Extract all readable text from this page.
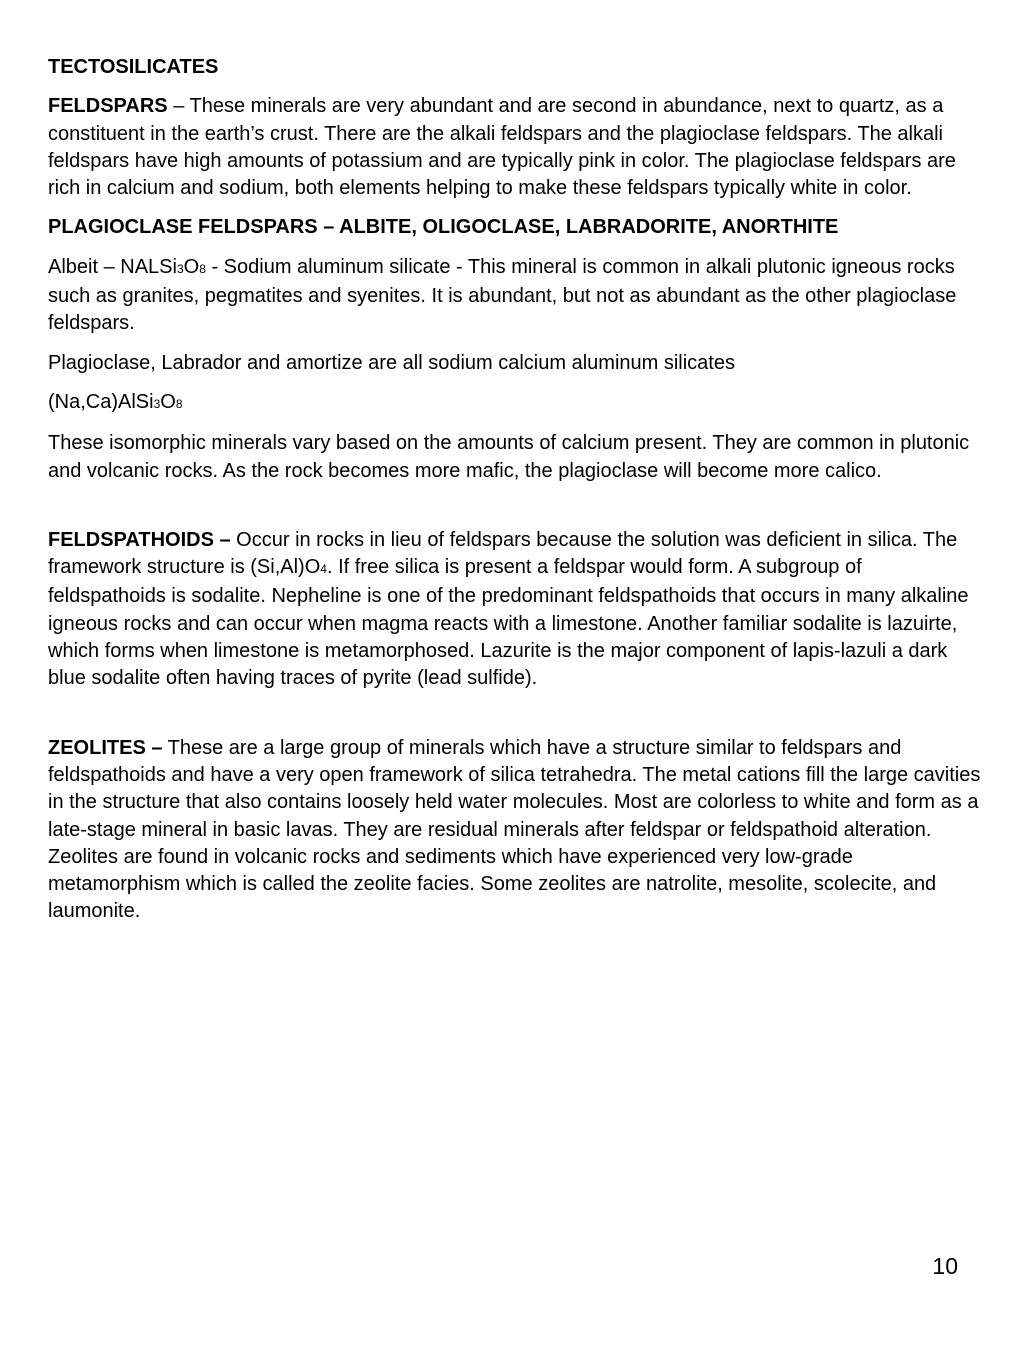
TECTOSILICATES

FELDSPARS – These minerals are very abundant and are second in abundance, next to quartz, as a constituent in the earth’s crust. There are the alkali feldspars and the plagioclase feldspars. The alkali feldspars have high amounts of potassium and are typically pink in color. The plagioclase feldspars are rich in calcium and sodium, both elements helping to make these feldspars typically white in color.

PLAGIOCLASE FELDSPARS – ALBITE, OLIGOCLASE, LABRADORITE, ANORTHITE

Albeit – NALSi3O8 - Sodium aluminum silicate - This mineral is common in alkali plutonic igneous rocks such as granites, pegmatites and syenites. It is abundant, but not as abundant as the other plagioclase feldspars.

Plagioclase, Labrador and amortize are all sodium calcium aluminum silicates

(Na,Ca)AlSi3O8

These isomorphic minerals vary based on the amounts of calcium present. They are common in plutonic and volcanic rocks. As the rock becomes more mafic, the plagioclase will become more calico.

FELDSPATHOIDS – Occur in rocks in lieu of feldspars because the solution was deficient in silica. The framework structure is (Si,Al)O4. If free silica is present a feldspar would form. A subgroup of feldspathoids is sodalite. Nepheline is one of the predominant feldspathoids that occurs in many alkaline igneous rocks and can occur when magma reacts with a limestone. Another familiar sodalite is lazuirte, which forms when limestone is metamorphosed. Lazurite is the major component of lapis-lazuli a dark blue sodalite often having traces of pyrite (lead sulfide).

ZEOLITES – These are a large group of minerals which have a structure similar to feldspars and feldspathoids and have a very open framework of silica tetrahedra. The metal cations fill the large cavities in the structure that also contains loosely held water molecules. Most are colorless to white and form as a late-stage mineral in basic lavas. They are residual minerals after feldspar or feldspathoid alteration. Zeolites are found in volcanic rocks and sediments which have experienced very low-grade metamorphism which is called the zeolite facies. Some zeolites are natrolite, mesolite, scolecite, and laumonite.

10
